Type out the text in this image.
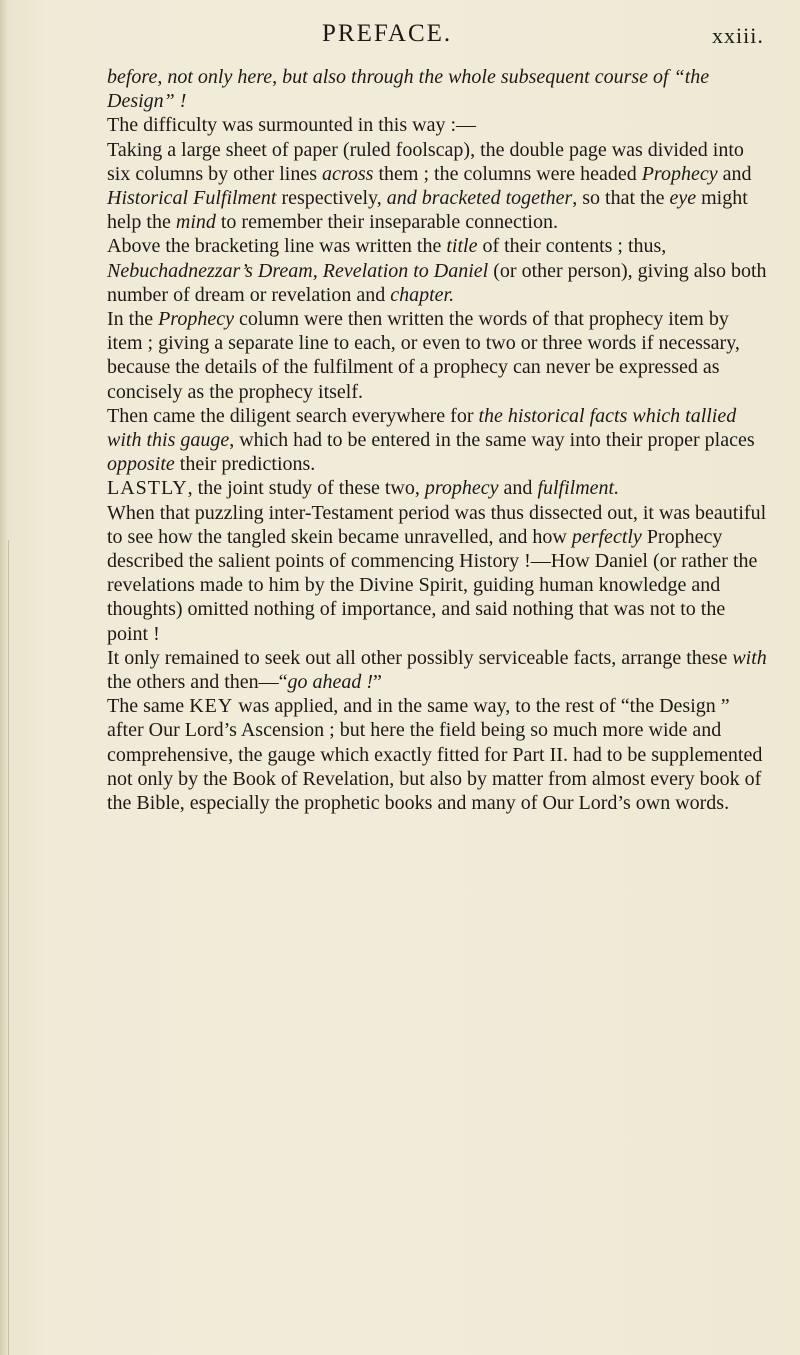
PREFACE.	xxiii.

before, not only here, but also through the whole subsequent course of “the Design” !

The difficulty was surmounted in this way :—

Taking a large sheet of paper (ruled foolscap), the double page was divided into six columns by other lines across them ; the columns were headed Prophecy and Historical Fulfilment respectively, and bracketed together, so that the eye might help the mind to remember their inseparable connection.

Above the bracketing line was written the title of their contents ; thus, Nebuchadnezzar’s Dream, Revelation to Daniel (or other person), giving also both number of dream or revelation and chapter.

In the Prophecy column were then written the words of that prophecy item by item ; giving a separate line to each, or even to two or three words if necessary, because the details of the fulfilment of a prophecy can never be expressed as concisely as the prophecy itself.

Then came the diligent search everywhere for the historical facts which tallied with this gauge, which had to be entered in the same way into their proper places opposite their predictions.

LASTLY, the joint study of these two, prophecy and fulfilment.

When that puzzling inter-Testament period was thus dissected out, it was beautiful to see how the tangled skein became unravelled, and how perfectly Prophecy described the salient points of commencing History !—How Daniel (or rather the revelations made to him by the Divine Spirit, guiding human knowledge and thoughts) omitted nothing of importance, and said nothing that was not to the point !

It only remained to seek out all other possibly serviceable facts, arrange these with the others and then—“go ahead !”

The same KEY was applied, and in the same way, to the rest of “the Design ” after Our Lord’s Ascension ; but here the field being so much more wide and comprehensive, the gauge which exactly fitted for Part II. had to be supplemented not only by the Book of Revelation, but also by matter from almost every book of the Bible, especially the prophetic books and many of Our Lord’s own words.
